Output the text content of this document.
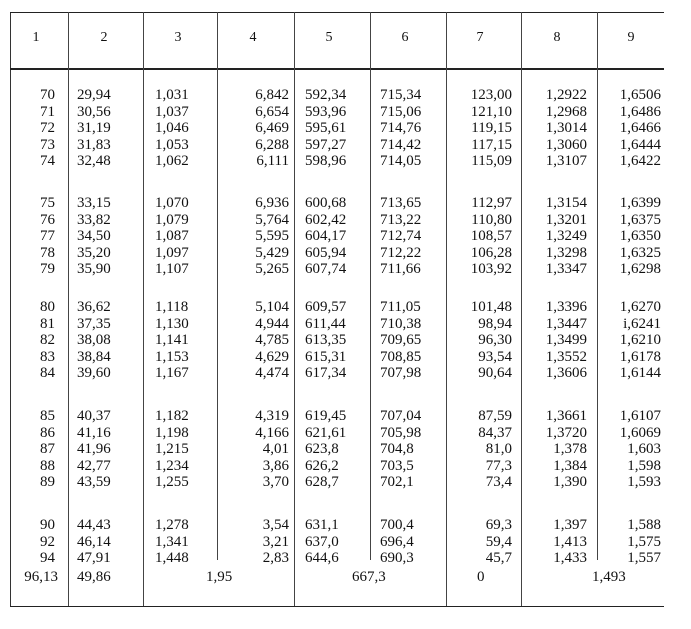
1	2	3	4	5	6	7	8	9
70 29,94	1,031	6,842 592,34 715,34	123,00 1,2922 1,6506
71 30,56	1,037	6,654 593,96 715,06	121,10 1,2968 1,6486
72 31,19	1,046	6,469 595,61 714,76	119,15 1,3014 1,6466
73 31,83	1,053	6,288 597,27 714,42	117,15 1,3060 1,6444
74 32,48	1,062	6,111 598,96 714,05	115,09 1,3107 1,6422
75 33,15	1,070	6,936 600,68 713,65	112,97 1,3154 1,6399
76 33,82	1,079	5,764 602,42 713,22	110,80 1,3201 1,6375
77 34,50	1,087	5,595 604,17 712,74	108,57 1,3249 1,6350
78 35,20	1,097	5,429 605,94 712,22	106,28 1,3298 1,6325
79 35,90	1,107	5,265 607,74 711,66	103,92 1,3347 1,6298
80 36,62	1,118	5,104 609,57 711,05	101,48 1,3396 1,6270
81 37,35	1,130	4,944 611,44 710,38	98,94 1,3447 i,6241
82 38,08	1,141	4,785 613,35 709,65	96,30 1,3499 1,6210
83 38,84	1,153	4,629 615,31 708,85	93,54 1,3552 1,6178
84 39,60	1,167	4,474 617,34 707,98	90,64 1,3606 1,6144
85 40,37	1,182	4,319 619,45 707,04	87,59 1,3661 1,6107
86 41,16	1,198	4,166 621,61 705,98	84,37 1,3720 1,6069
87 41,96	1,215	4,01 623,8	704,8	81,0	1,378	1,603
88 42,77	1,234	3,86 626,2	703,5	77,3	1,384	1,598
89 43,59	1,255	3,70 628,7	702,1	73,4	1,390	1,593
90 44,43	1,278	3,54 631,1	700,4	69,3	1,397	1,588
92 46,14	1,341	3,21 637,0	696,4	59,4	1,413	1,575
94 47,91	1,448	2,83 644,6	690,3	45,7	1,433	1,557
96,13 49,86	1,95	667,3	0	1,493
